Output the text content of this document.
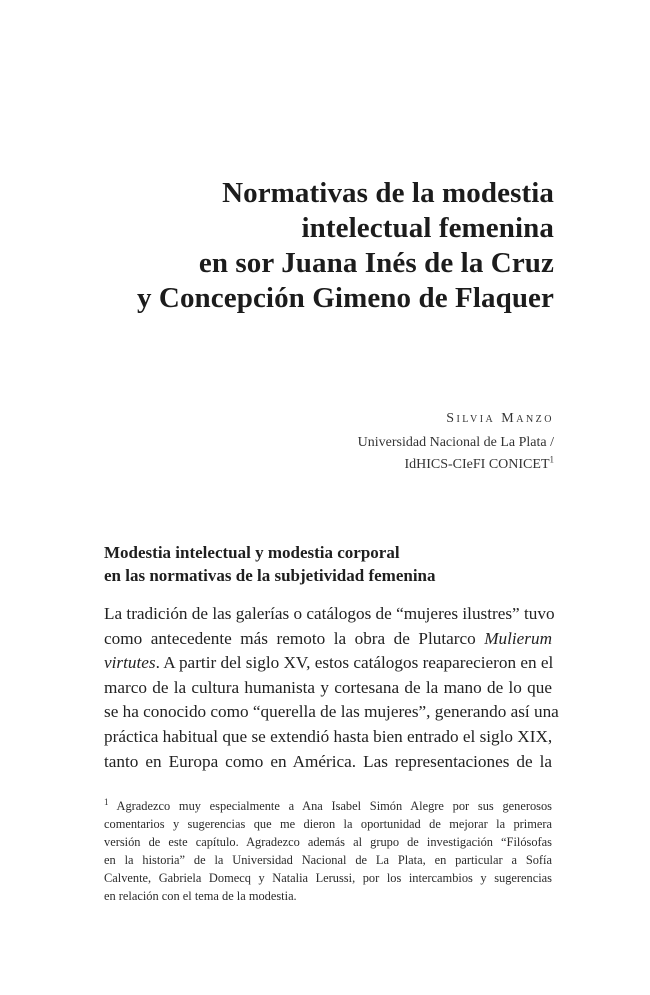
Normativas de la modestia
intelectual femenina
en sor Juana Inés de la Cruz
y Concepción Gimeno de Flaquer
Silvia Manzo
Universidad Nacional de La Plata /
IdHICS-CIeFI CONICET$^1$
Modestia intelectual y modestia corporal
en las normativas de la subjetividad femenina
La tradición de las galerías o catálogos de “mujeres ilustres” tuvo
como antecedente más remoto la obra de Plutarco Mulierum
virtutes. A partir del siglo XV, estos catálogos reaparecieron en el
marco de la cultura humanista y cortesana de la mano de lo que
se ha conocido como “querella de las mujeres”, generando así una
práctica habitual que se extendió hasta bien entrado el siglo XIX,
tanto en Europa como en América. Las representaciones de la
$^1$ Agradezco muy especialmente a Ana Isabel Simón Alegre por sus generosos
comentarios y sugerencias que me dieron la oportunidad de mejorar la primera
versión de este capítulo. Agradezco además al grupo de investigación “Filósofas
en la historia” de la Universidad Nacional de La Plata, en particular a Sofía
Calvente, Gabriela Domecq y Natalia Lerussi, por los intercambios y sugerencias
en relación con el tema de la modestia.
